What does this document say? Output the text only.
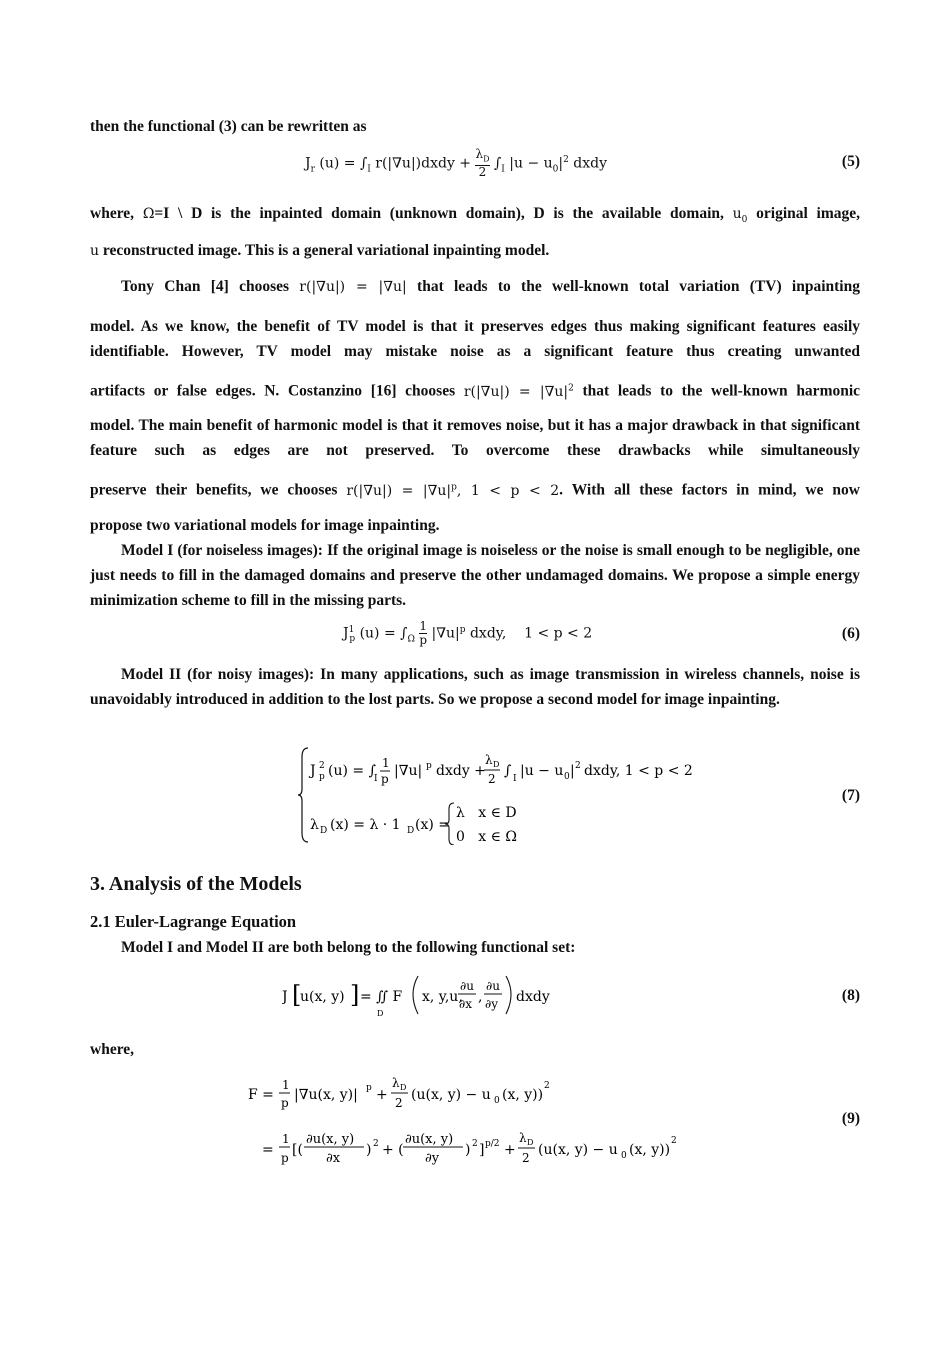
then the functional (3) can be rewritten as
$J_r$ $(u) = \int_I$ r(|∇u|)dxdy + $\frac{\lambda_D}{2} \int_I$ $|u - u_0|^2$ dxdy	(5)
where, Ω=I \ D is the inpainted domain (unknown domain), D is the available domain, $u_0$ original image,
u reconstructed image. This is a general variational inpainting model.
Tony Chan [4] chooses r(|∇u|) = |∇u| that leads to the well-known total variation (TV) inpainting
model. As we know, the benefit of TV model is that it preserves edges thus making significant features easily identifiable. However, TV model may mistake noise as a significant feature thus creating unwanted
artifacts or false edges. N. Costanzino [16] chooses $r(|\nabla u|) = |\nabla u|^2$ that leads to the well-known harmonic
model. The main benefit of harmonic model is that it removes noise, but it has a major drawback in that significant feature such as edges are not preserved. To overcome these drawbacks while simultaneously
preserve their benefits, we chooses $r(|\nabla u|) = |\nabla u|^p$, 1 < p < 2. With all these factors in mind, we now
propose two variational models for image inpainting.
Model I (for noiseless images): If the original image is noiseless or the noise is small enough to be negligible, one just needs to fill in the damaged domains and preserve the other undamaged domains. We propose a simple energy minimization scheme to fill in the missing parts.
$J^1_p$ $(u) = \int_\Omega \frac{1}{p} |\nabla u|^p$ dxdy,    1 < p < 2	(6)
Model II (for noisy images): In many applications, such as image transmission in wireless channels, noise is unavoidably introduced in addition to the lost parts. So we propose a second model for image inpainting.
J 2
p (u) = ∫
I
1
p |∇u| p dxdy +
λ D
2 ∫ I |u − u 0 | 2 dxdy, 1 < p < 2
λ D (x) = λ · 1 D (x) =
λ   x ∈ D
0   x ∈ Ω
(7)
3. Analysis of the Models
2.1 Euler-Lagrange Equation
Model I and Model II are both belong to the following functional set:
J [
u(x, y) ] = ∬ F
D
x, y,u,
∂u
∂x ,
∂u
∂y dxdy	(8)
where,
F =
1
p |∇u(x, y)| p +
λ D
2 (u(x, y) − u 0 (x, y))
2
=
1
p [(
∂u(x, y)
∂x
) 2 + (
∂u(x, y)
∂y
) 2 ] p/2 +
λ D
2 (u(x, y) − u 0 (x, y))
2
(9)
